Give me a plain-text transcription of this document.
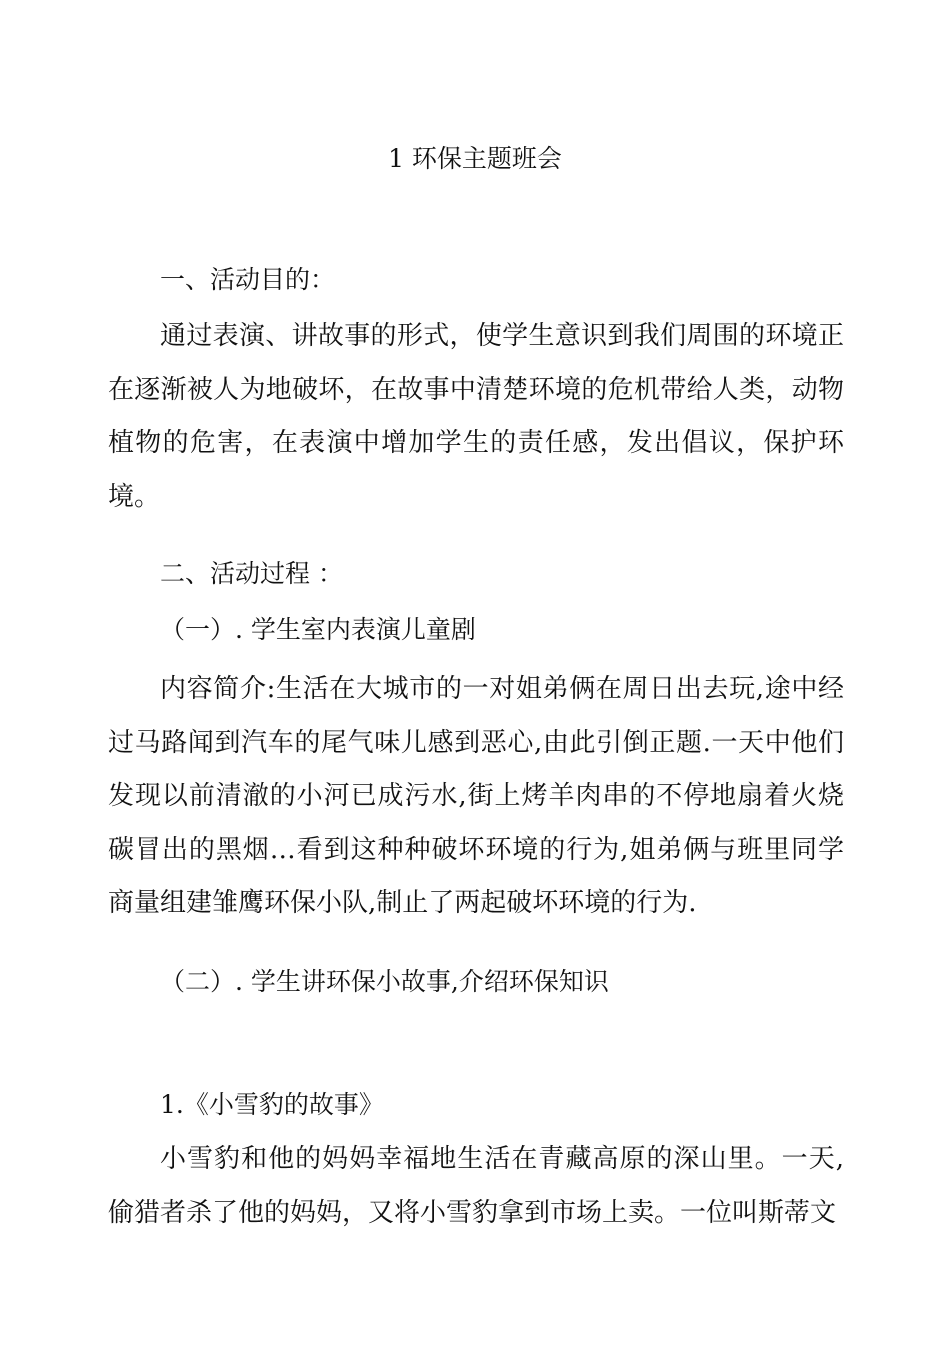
1 环保主题班会
一、活动目的：
通过表演、讲故事的形式，使学生意识到我们周围的环境正在逐渐被人为地破坏，在故事中清楚环境的危机带给人类，动物植物的危害，在表演中增加学生的责任感，发出倡议，保护环境。
二、活动过程 ：
（一）. 学生室内表演儿童剧
内容简介:生活在大城市的一对姐弟俩在周日出去玩,途中经过马路闻到汽车的尾气味儿感到恶心,由此引倒正题.一天中他们发现以前清澈的小河已成污水,街上烤羊肉串的不停地扇着火烧碳冒出的黑烟…看到这种种破坏环境的行为,姐弟俩与班里同学商量组建雏鹰环保小队,制止了两起破坏环境的行为.
（二）. 学生讲环保小故事,介绍环保知识
1.《小雪豹的故事》
小雪豹和他的妈妈幸福地生活在青藏高原的深山里。一天,偷猎者杀了他的妈妈，又将小雪豹拿到市场上卖。一位叫斯蒂文
